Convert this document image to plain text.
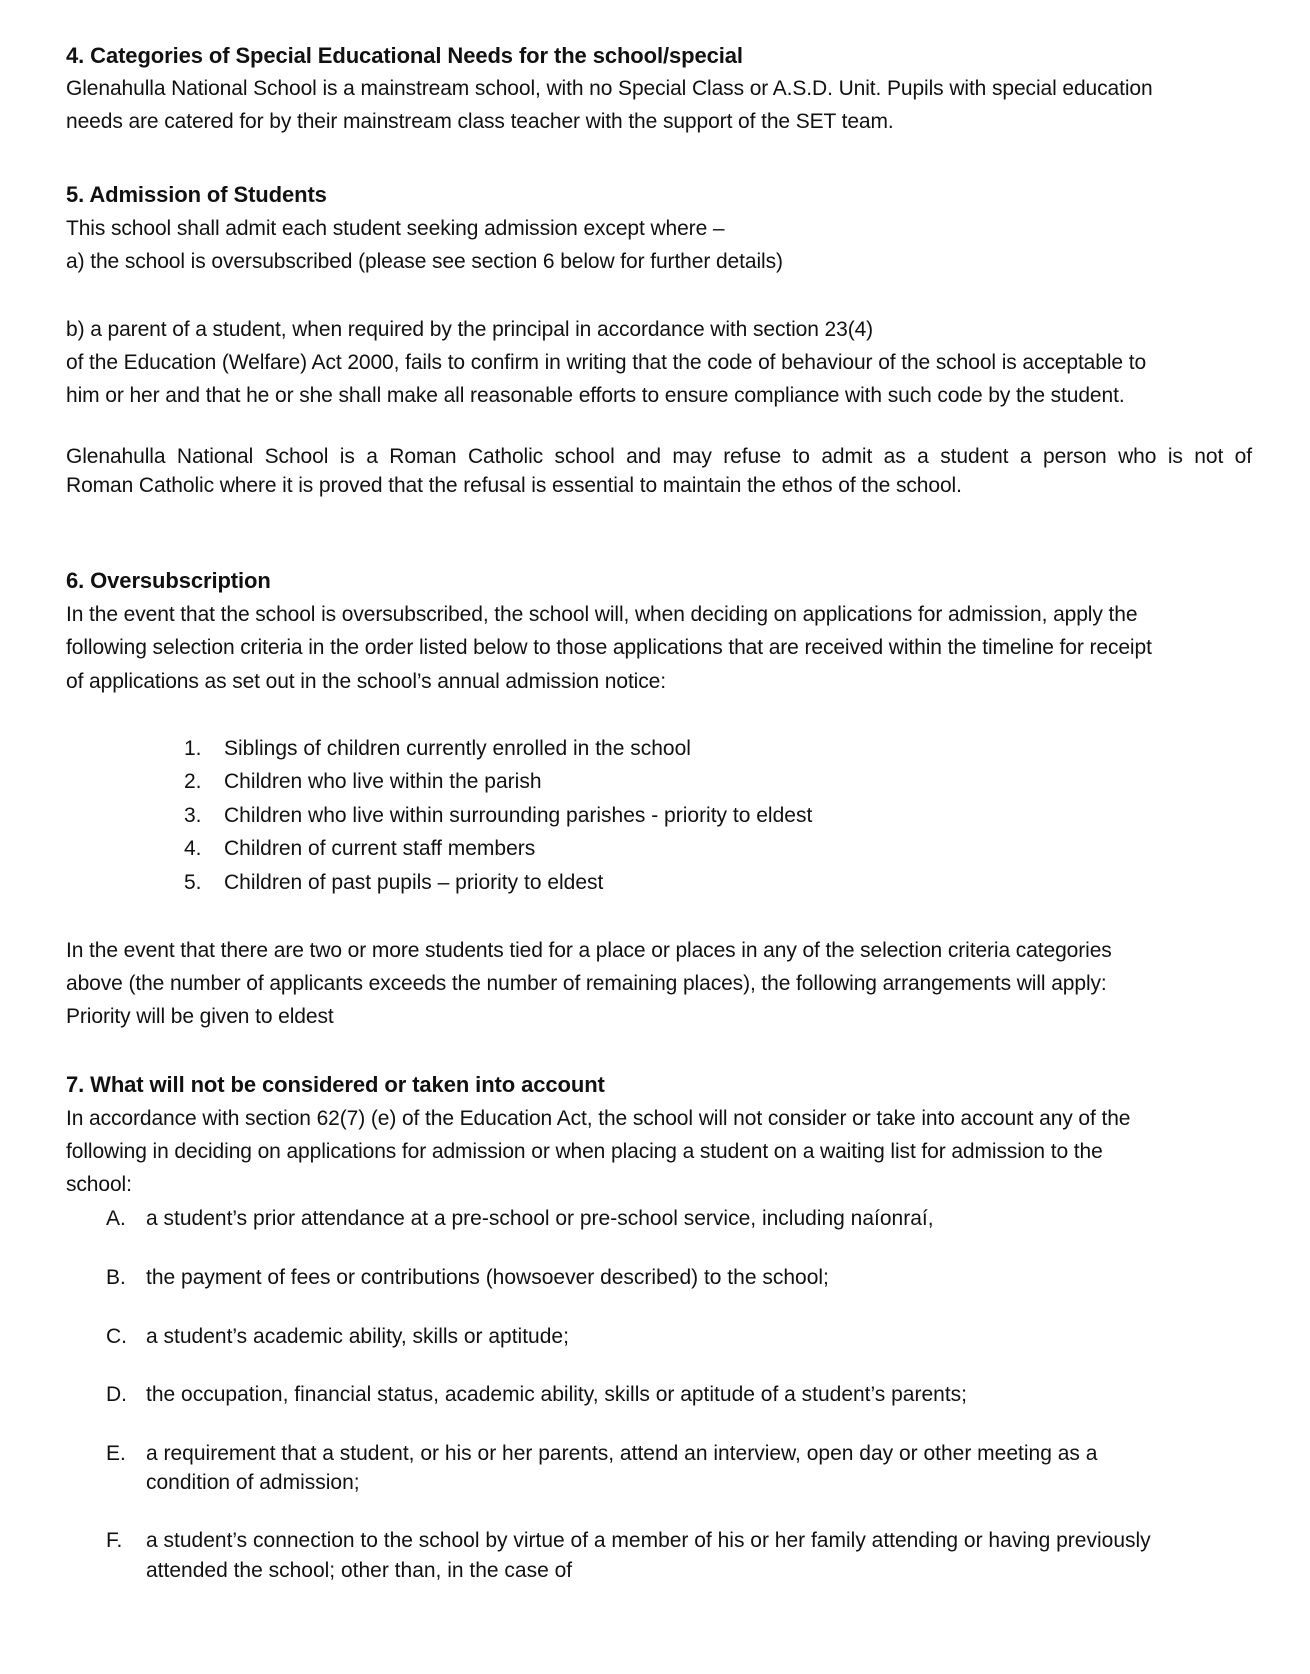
4. Categories of Special Educational Needs for the school/special
Glenahulla National School is a mainstream school, with no Special Class or A.S.D. Unit. Pupils with special education
needs are catered for by their mainstream class teacher with the support of the SET team.
5. Admission of Students
This school shall admit each student seeking admission except where –
a) the school is oversubscribed (please see section 6 below for further details)
b) a parent of a student, when required by the principal in accordance with section 23(4)
of the Education (Welfare) Act 2000, fails to confirm in writing that the code of behaviour of the school is acceptable to
him or her and that he or she shall make all reasonable efforts to ensure compliance with such code by the student.
Glenahulla National School is a Roman Catholic school and may refuse to admit as a student a person who is not of
Roman Catholic where it is proved that the refusal is essential to maintain the ethos of the school.
6. Oversubscription
In the event that the school is oversubscribed, the school will, when deciding on applications for admission, apply the
following selection criteria in the order listed below to those applications that are received within the timeline for receipt
of applications as set out in the school’s annual admission notice:
1. Siblings of children currently enrolled in the school
2. Children who live within the parish
3. Children who live within surrounding parishes - priority to eldest
4. Children of current staff members
5. Children of past pupils – priority to eldest
In the event that there are two or more students tied for a place or places in any of the selection criteria categories
above (the number of applicants exceeds the number of remaining places), the following arrangements will apply:
Priority will be given to eldest
7. What will not be considered or taken into account
In accordance with section 62(7) (e) of the Education Act, the school will not consider or take into account any of the
following in deciding on applications for admission or when placing a student on a waiting list for admission to the
school:
A. a student’s prior attendance at a pre-school or pre-school service, including naíonraí,
B. the payment of fees or contributions (howsoever described) to the school;
C. a student’s academic ability, skills or aptitude;
D. the occupation, financial status, academic ability, skills or aptitude of a student’s parents;
E. a requirement that a student, or his or her parents, attend an interview, open day or other meeting as a
condition of admission;
F. a student’s connection to the school by virtue of a member of his or her family attending or having previously
attended the school; other than, in the case of
